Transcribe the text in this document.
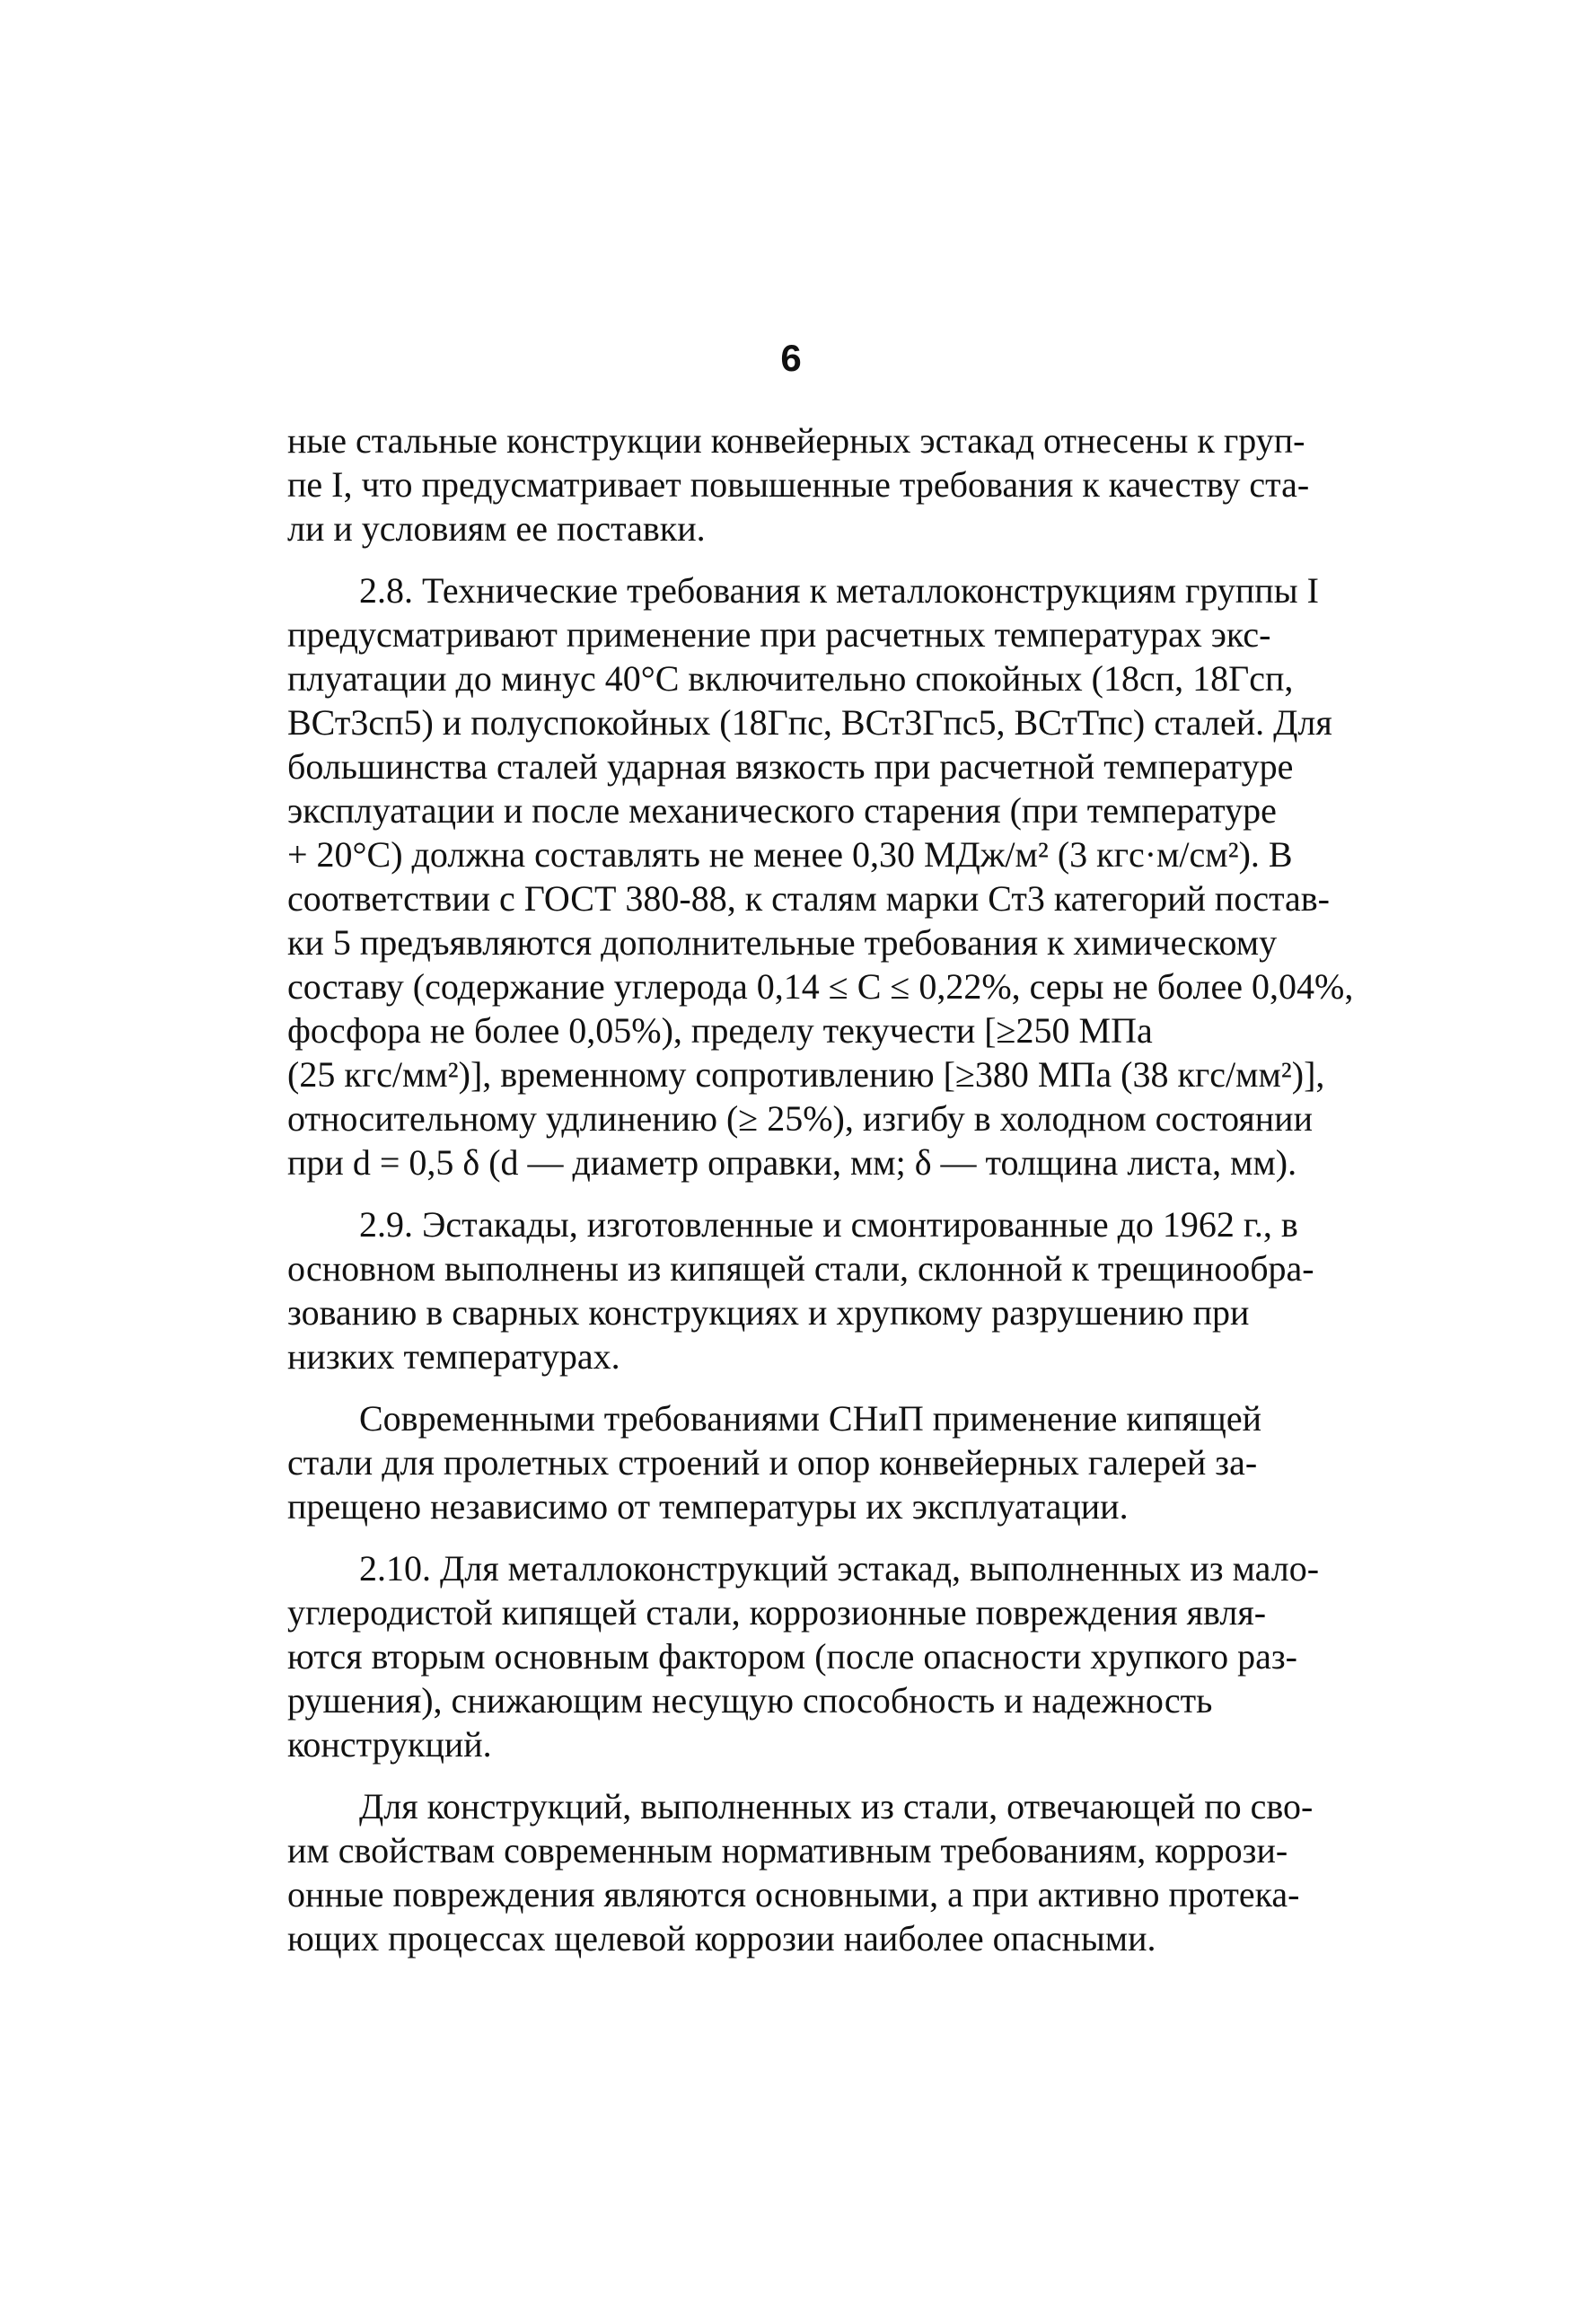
6
ные стальные конструкции конвейерных эстакад отнесены к груп-
пе I, что предусматривает повышенные требования к качеству ста-
ли и условиям ее поставки.
2.8. Технические требования к металлоконструкциям группы I
предусматривают применение при расчетных температурах экс-
плуатации до минус 40°С включительно спокойных (18сп, 18Гсп,
ВСт3сп5) и полуспокойных (18Гпс, ВСт3Гпс5, ВСтТпс) сталей. Для
большинства сталей ударная вязкость при расчетной температуре
эксплуатации и после механического старения (при температуре
+ 20°С) должна составлять не менее 0,30 МДж/м² (3 кгс·м/см²). В
соответствии с ГОСТ 380-88, к сталям марки Ст3 категорий постав-
ки 5 предъявляются дополнительные требования к химическому
составу (содержание углерода 0,14 ≤ С ≤ 0,22%, серы не более 0,04%,
фосфора не более 0,05%), пределу текучести [≥250 МПа
(25 кгс/мм²)], временному сопротивлению [≥380 МПа (38 кгс/мм²)],
относительному удлинению (≥ 25%), изгибу в холодном состоянии
при d = 0,5 δ (d — диаметр оправки, мм; δ — толщина листа, мм).
2.9. Эстакады, изготовленные и смонтированные до 1962 г., в
основном выполнены из кипящей стали, склонной к трещинообра-
зованию в сварных конструкциях и хрупкому разрушению при
низких температурах.
Современными требованиями СНиП применение кипящей
стали для пролетных строений и опор конвейерных галерей за-
прещено независимо от температуры их эксплуатации.
2.10. Для металлоконструкций эстакад, выполненных из мало-
углеродистой кипящей стали, коррозионные повреждения явля-
ются вторым основным фактором (после опасности хрупкого раз-
рушения), снижающим несущую способность и надежность
конструкций.
Для конструкций, выполненных из стали, отвечающей по сво-
им свойствам современным нормативным требованиям, коррози-
онные повреждения являются основными, а при активно протека-
ющих процессах щелевой коррозии наиболее опасными.
